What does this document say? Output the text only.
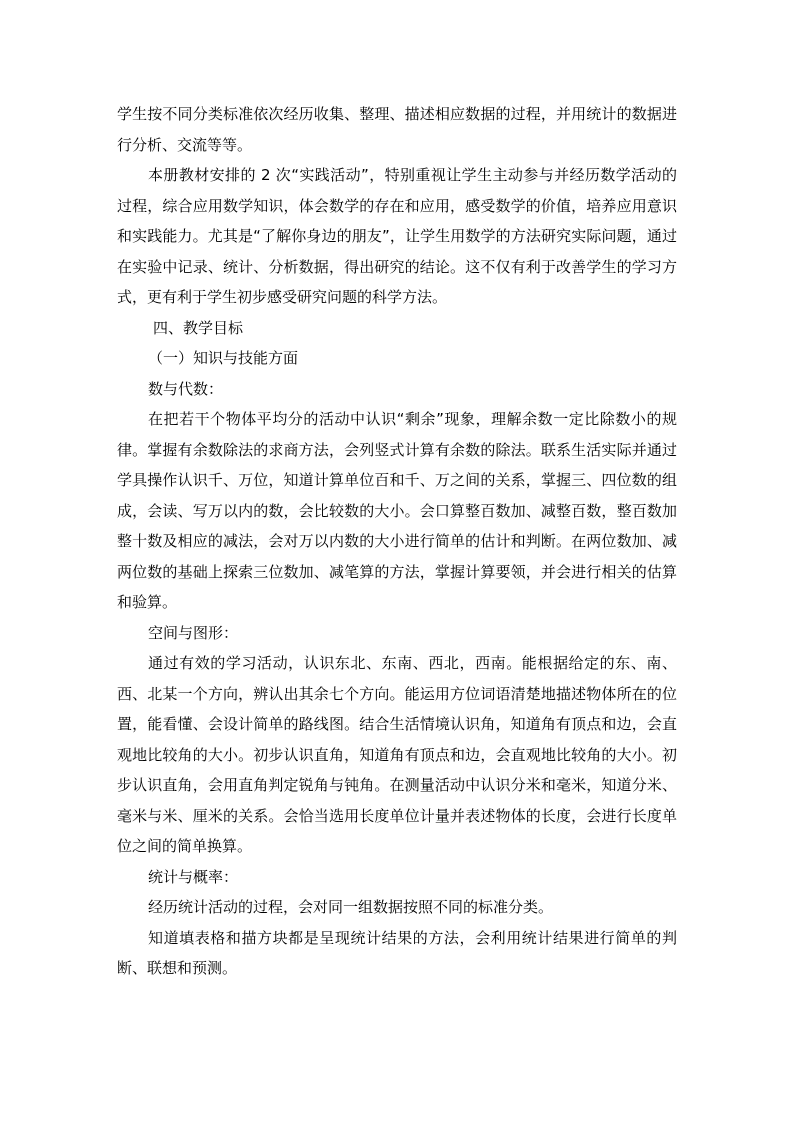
学生按不同分类标准依次经历收集、整理、描述相应数据的过程，并用统计的数据进行分析、交流等等。

本册教材安排的 2 次“实践活动”，特别重视让学生主动参与并经历数学活动的过程，综合应用数学知识，体会数学的存在和应用，感受数学的价值，培养应用意识和实践能力。尤其是“了解你身边的朋友”，让学生用数学的方法研究实际问题，通过在实验中记录、统计、分析数据，得出研究的结论。这不仅有利于改善学生的学习方式，更有利于学生初步感受研究问题的科学方法。

四、教学目标

（一）知识与技能方面

数与代数：

在把若干个物体平均分的活动中认识“剩余”现象，理解余数一定比除数小的规律。掌握有余数除法的求商方法，会列竖式计算有余数的除法。联系生活实际并通过学具操作认识千、万位，知道计算单位百和千、万之间的关系，掌握三、四位数的组成，会读、写万以内的数，会比较数的大小。会口算整百数加、减整百数，整百数加整十数及相应的减法，会对万以内数的大小进行简单的估计和判断。在两位数加、减两位数的基础上探索三位数加、减笔算的方法，掌握计算要领，并会进行相关的估算和验算。

空间与图形：

通过有效的学习活动，认识东北、东南、西北，西南。能根据给定的东、南、西、北某一个方向，辨认出其余七个方向。能运用方位词语清楚地描述物体所在的位置，能看懂、会设计简单的路线图。结合生活情境认识角，知道角有顶点和边，会直观地比较角的大小。初步认识直角，知道角有顶点和边，会直观地比较角的大小。初步认识直角，会用直角判定锐角与钝角。在测量活动中认识分米和毫米，知道分米、毫米与米、厘米的关系。会恰当选用长度单位计量并表述物体的长度，会进行长度单位之间的简单换算。

统计与概率：

经历统计活动的过程，会对同一组数据按照不同的标准分类。

知道填表格和描方块都是呈现统计结果的方法，会利用统计结果进行简单的判断、联想和预测。
